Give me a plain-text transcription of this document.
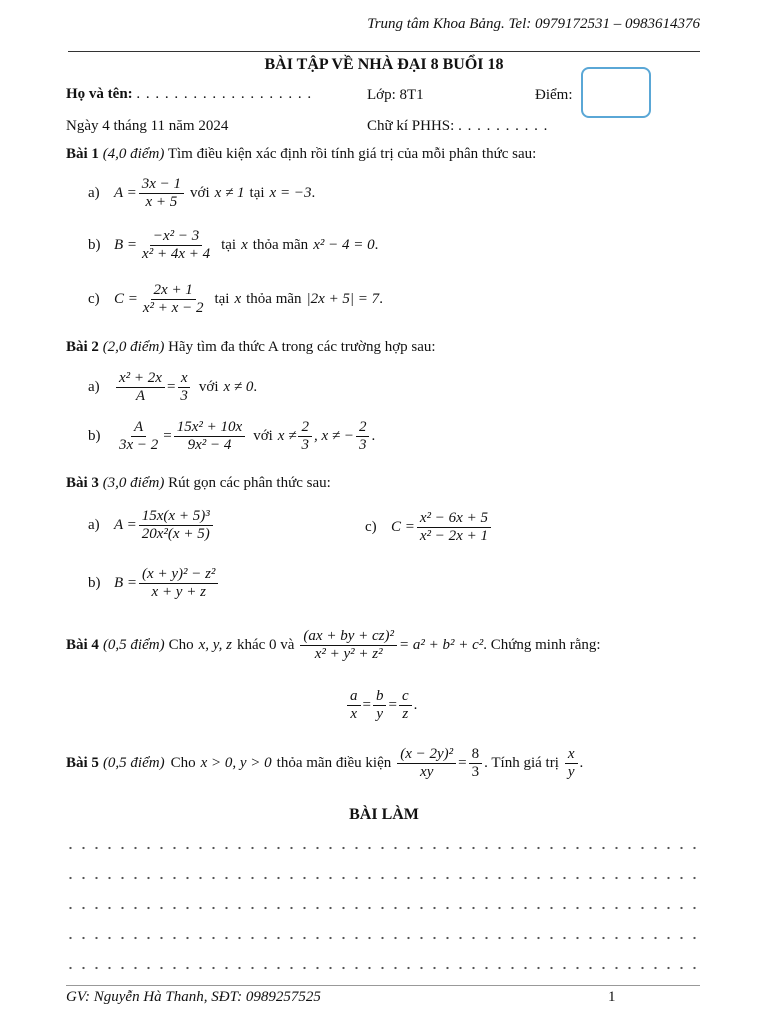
Trung tâm Khoa Bảng. Tel: 0979172531 – 0983614376
BÀI TẬP VỀ NHÀ ĐẠI 8 BUỔI 18
Họ và tên: . . . . . . . . . . . . . . . . . . .	Lớp: 8T1	Điểm:
Ngày 4 tháng 11 năm 2024	Chữ kí PHHS: . . . . . . . . . .
Bài 1 (4,0 điểm) Tìm điều kiện xác định rồi tính giá trị của mỗi phân thức sau:
a) $A = \frac{3x - 1}{x + 5}$ với x ≠ 1 tại x = −3 .
b) $B = \frac{\text{−x² − 3}}{\text{x² + 4x + 4}}$ tại x thỏa mãn x² − 4 = 0 .
c) $C = \frac{2x + 1}{\text{x² + x − 2}}$ tại x thỏa mãn |2x + 5| = 7 .
Bài 2 (2,0 điểm) Hãy tìm đa thức A trong các trường hợp sau:
a)	$\frac{\text{x² + 2x}}{A} = \frac{x}{3}$ với x ≠ 0 .
b)	$\frac{A}{3x - 2} = \frac{\text{15x² + 10x}}{\text{9x² − 4}}$ với $x \ne \frac{2}{3}$ , x ≠ − $\frac{2}{3}$ .
Bài 3 (3,0 điểm) Rút gọn các phân thức sau:
a) $A = \frac{\text{15x(x + 5)³}}{\text{20x²(x + 5)}}$	c) $C = \frac{\text{x² − 6x + 5}}{\text{x² − 2x + 1}}$
b) $B = \frac{\text{(x + y)² − z²}}{x + y + z}$
Bài 4 (0,5 điểm) Cho x, y, z khác 0 và $\frac{\text{(ax + by + cz)²}}{\text{x² + y² + z²}} = a^2 + b^2 + c^2$ . Chứng minh rằng:
$\frac{a}{x} = \frac{b}{y} = \frac{c}{z}$ .
Bài 5 (0,5 điểm) Cho x > 0, y > 0 thỏa mãn điều kiện $\frac{\text{(x − 2y)²}}{xy} = \frac{8}{3}$ . Tính giá trị $\frac{x}{y}$ .
BÀI LÀM
GV: Nguyễn Hà Thanh, SĐT: 0989257525	1
